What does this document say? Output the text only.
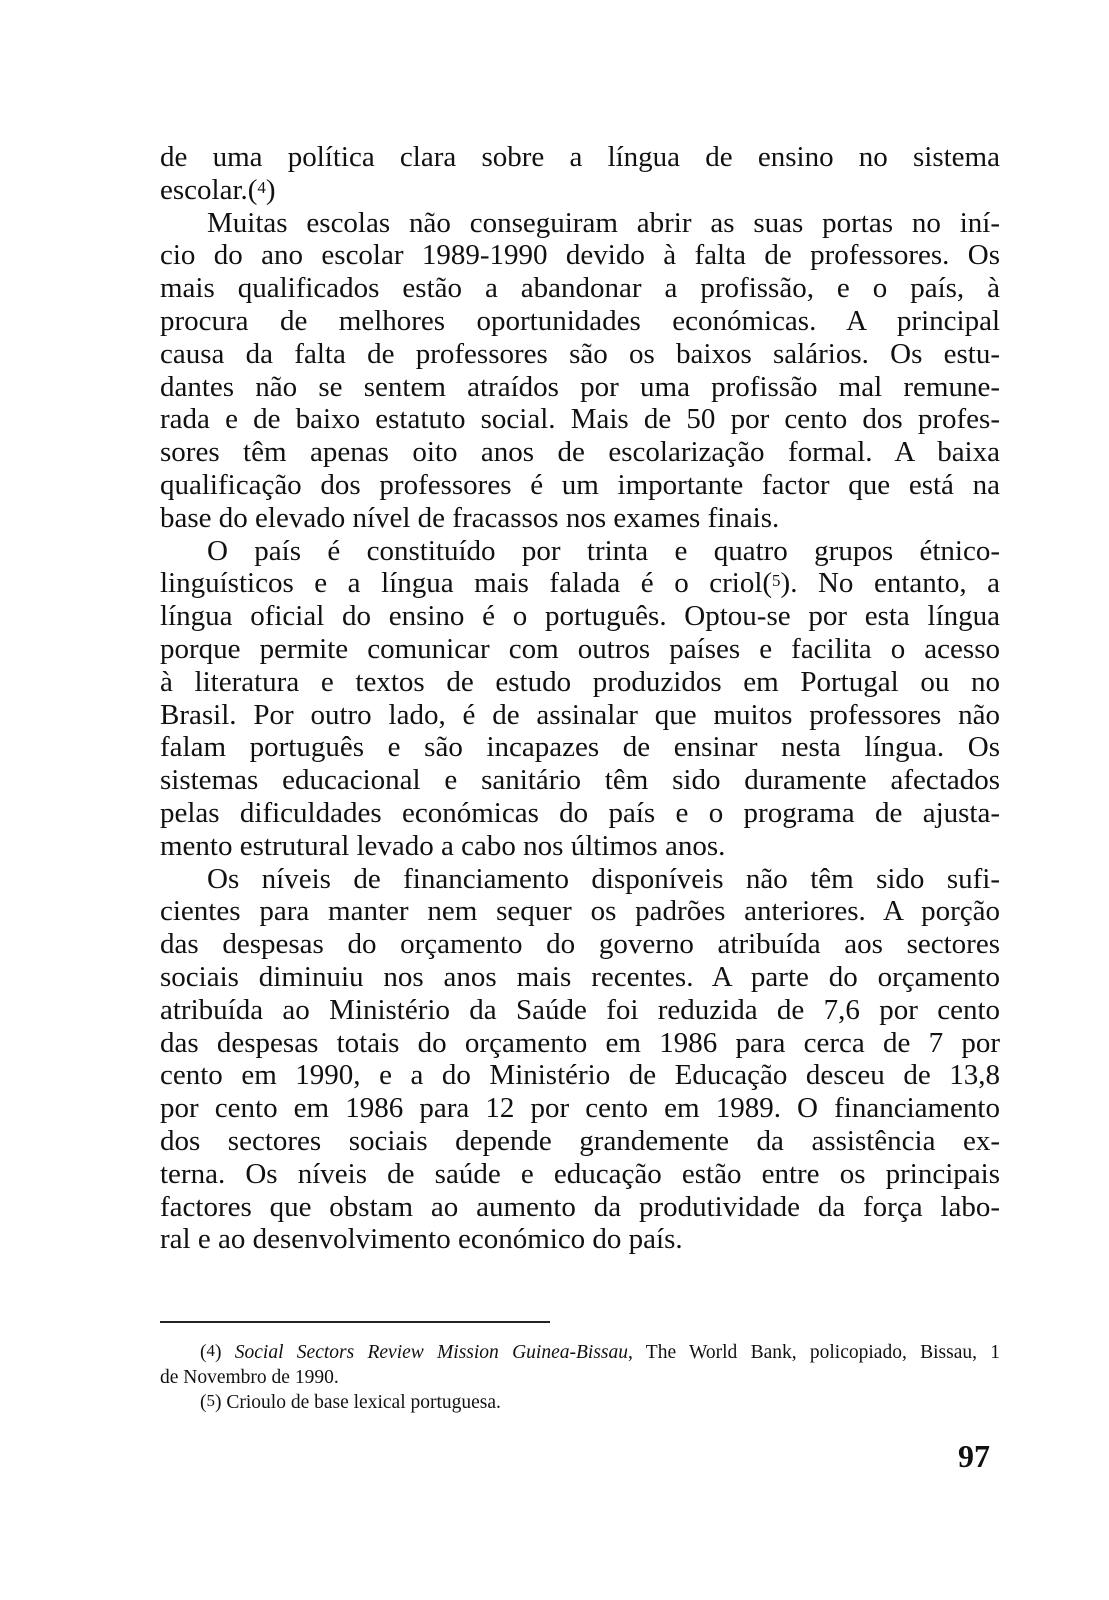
de uma política clara sobre a língua de ensino no sistema
escolar.($^4$)
Muitas escolas não conseguiram abrir as suas portas no iní-
cio do ano escolar 1989-1990 devido à falta de professores. Os
mais qualificados estão a abandonar a profissão, e o país, à
procura de melhores oportunidades económicas. A principal
causa da falta de professores são os baixos salários. Os estu-
dantes não se sentem atraídos por uma profissão mal remune-
rada e de baixo estatuto social. Mais de 50 por cento dos profes-
sores têm apenas oito anos de escolarização formal. A baixa
qualificação dos professores é um importante factor que está na
base do elevado nível de fracassos nos exames finais.
O país é constituído por trinta e quatro grupos étnico-
linguísticos e a língua mais falada é o criol($^5$). No entanto, a
língua oficial do ensino é o português. Optou-se por esta língua
porque permite comunicar com outros países e facilita o acesso
à literatura e textos de estudo produzidos em Portugal ou no
Brasil. Por outro lado, é de assinalar que muitos professores não
falam português e são incapazes de ensinar nesta língua. Os
sistemas educacional e sanitário têm sido duramente afectados
pelas dificuldades económicas do país e o programa de ajusta-
mento estrutural levado a cabo nos últimos anos.
Os níveis de financiamento disponíveis não têm sido sufi-
cientes para manter nem sequer os padrões anteriores. A porção
das despesas do orçamento do governo atribuída aos sectores
sociais diminuiu nos anos mais recentes. A parte do orçamento
atribuída ao Ministério da Saúde foi reduzida de 7,6 por cento
das despesas totais do orçamento em 1986 para cerca de 7 por
cento em 1990, e a do Ministério de Educação desceu de 13,8
por cento em 1986 para 12 por cento em 1989. O financiamento
dos sectores sociais depende grandemente da assistência ex-
terna. Os níveis de saúde e educação estão entre os principais
factores que obstam ao aumento da produtividade da força labo-
ral e ao desenvolvimento económico do país.
($^4$) Social Sectors Review Mission Guinea-Bissau, The World Bank, policopiado, Bissau, 1
de Novembro de 1990.
($^5$) Crioulo de base lexical portuguesa.
97
